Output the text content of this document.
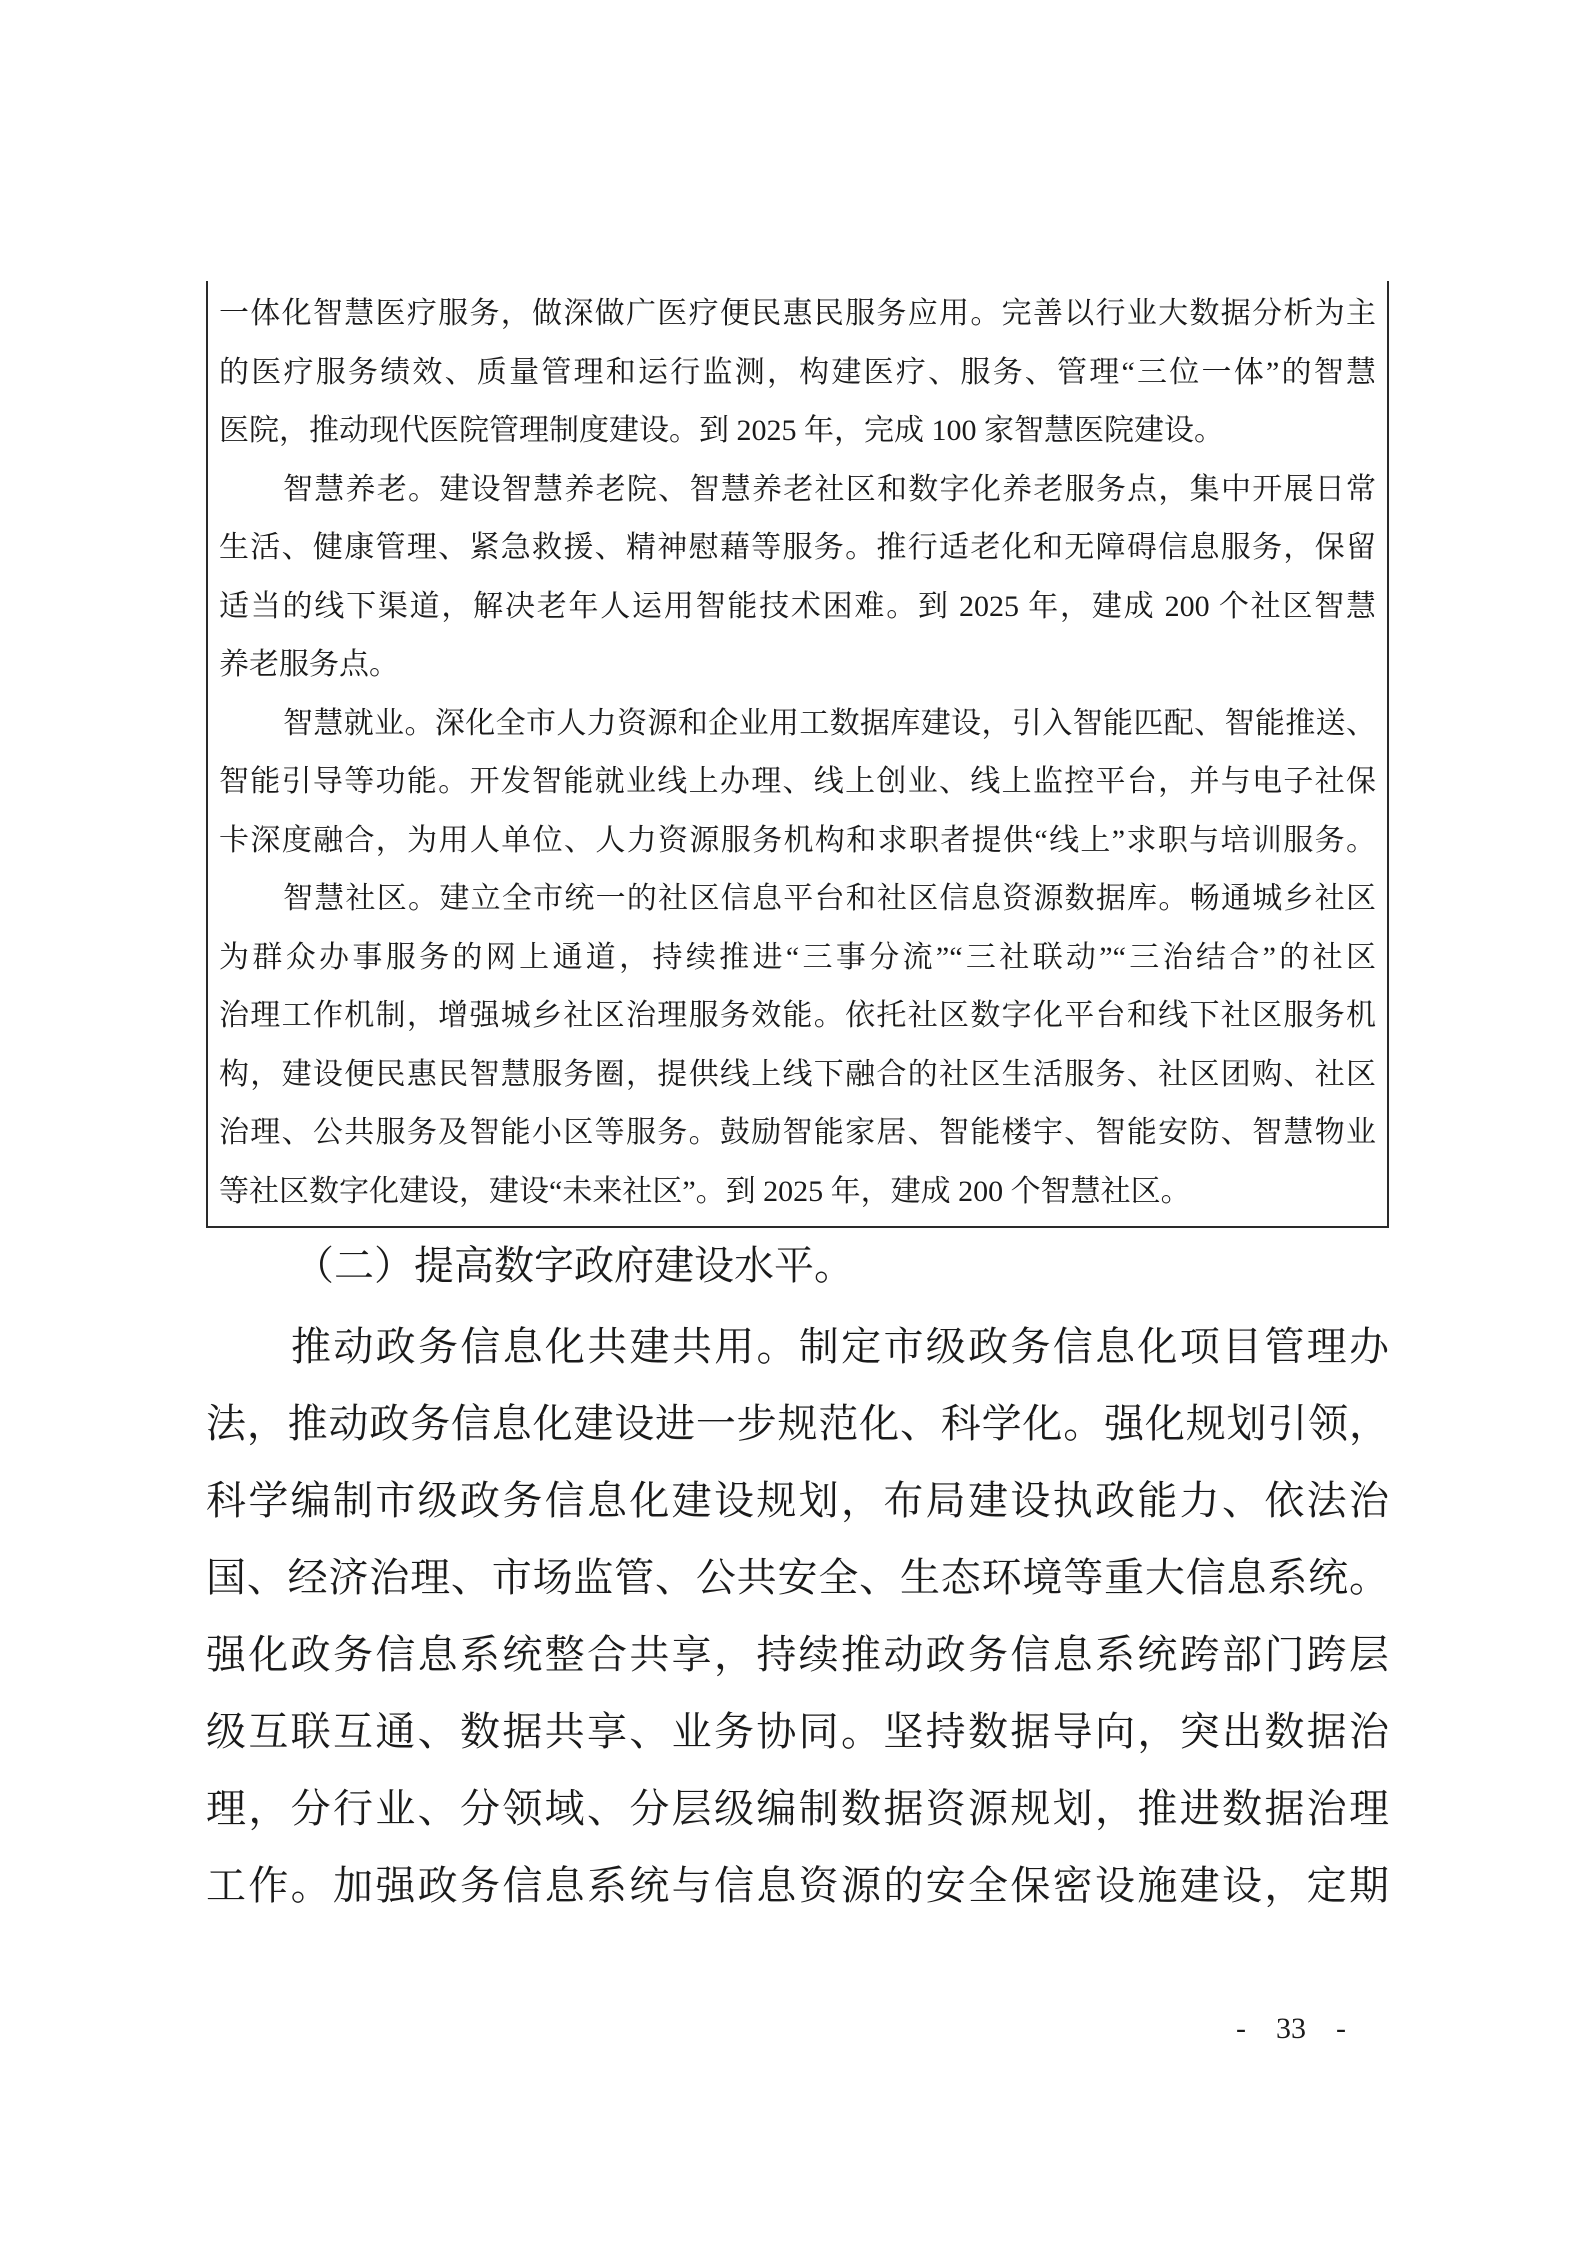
一体化智慧医疗服务，做深做广医疗便民惠民服务应用。完善以行业大数据分析为主
的医疗服务绩效、质量管理和运行监测，构建医疗、服务、管理“三位一体”的智慧
医院，推动现代医院管理制度建设。到 2025 年，完成 100 家智慧医院建设。
智慧养老。建设智慧养老院、智慧养老社区和数字化养老服务点，集中开展日常
生活、健康管理、紧急救援、精神慰藉等服务。推行适老化和无障碍信息服务，保留
适当的线下渠道，解决老年人运用智能技术困难。到 2025 年，建成 200 个社区智慧
养老服务点。
智慧就业。深化全市人力资源和企业用工数据库建设，引入智能匹配、智能推送、
智能引导等功能。开发智能就业线上办理、线上创业、线上监控平台，并与电子社保
卡深度融合，为用人单位、人力资源服务机构和求职者提供“线上”求职与培训服务。
智慧社区。建立全市统一的社区信息平台和社区信息资源数据库。畅通城乡社区
为群众办事服务的网上通道，持续推进“三事分流”“三社联动”“三治结合”的社区
治理工作机制，增强城乡社区治理服务效能。依托社区数字化平台和线下社区服务机
构，建设便民惠民智慧服务圈，提供线上线下融合的社区生活服务、社区团购、社区
治理、公共服务及智能小区等服务。鼓励智能家居、智能楼宇、智能安防、智慧物业
等社区数字化建设，建设“未来社区”。到 2025 年，建成 200 个智慧社区。
（二）提高数字政府建设水平。
推动政务信息化共建共用。制定市级政务信息化项目管理办
法，推动政务信息化建设进一步规范化、科学化。强化规划引领，
科学编制市级政务信息化建设规划，布局建设执政能力、依法治
国、经济治理、市场监管、公共安全、生态环境等重大信息系统。
强化政务信息系统整合共享，持续推动政务信息系统跨部门跨层
级互联互通、数据共享、业务协同。坚持数据导向，突出数据治
理，分行业、分领域、分层级编制数据资源规划，推进数据治理
工作。加强政务信息系统与信息资源的安全保密设施建设，定期
- 33 -
